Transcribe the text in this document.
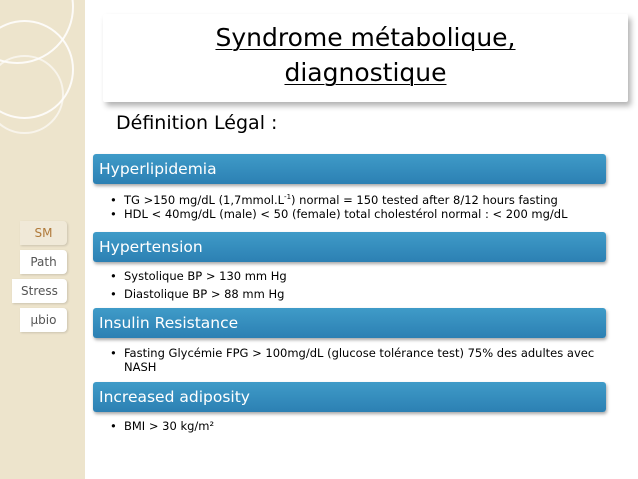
Syndrome métabolique,
diagnostique
Définition Légal :
SM
Path
Stress
µbio
Hyperlipidemia
• TG >150 mg/dL $(1,7mmol.L^{-1})$ normal = 150 tested after 8/12 hours fasting
• HDL < 40mg/dL (male) < 50 (female) total cholestérol normal : < 200 mg/dL
Hypertension
• Systolique BP > 130 mm Hg
• Diastolique BP > 88 mm Hg
Insulin Resistance
• Fasting Glycémie FPG > 100mg/dL (glucose tolérance test) 75% des adultes avec NASH
Increased adiposity
• BMI > 30 kg/m²
